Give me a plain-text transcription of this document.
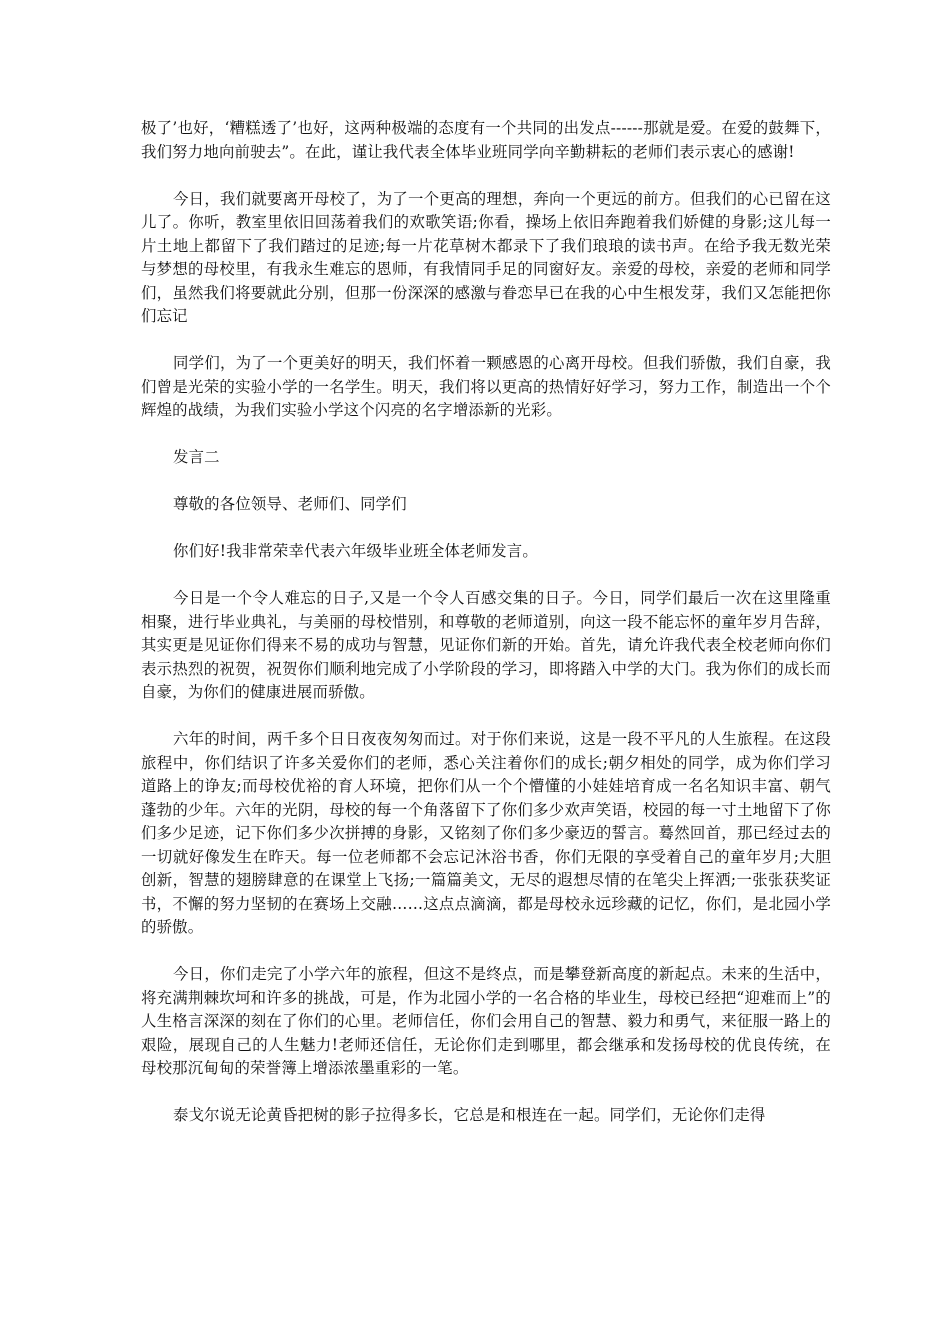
极了’也好，‘糟糕透了’也好，这两种极端的态度有一个共同的出发点------那就是爱。在爱的鼓舞下，我们努力地向前驶去”。在此，谨让我代表全体毕业班同学向辛勤耕耘的老师们表示衷心的感谢!

今日，我们就要离开母校了，为了一个更高的理想，奔向一个更远的前方。但我们的心已留在这儿了。你听，教室里依旧回荡着我们的欢歌笑语;你看，操场上依旧奔跑着我们娇健的身影;这儿每一片土地上都留下了我们踏过的足迹;每一片花草树木都录下了我们琅琅的读书声。在给予我无数光荣与梦想的母校里，有我永生难忘的恩师，有我情同手足的同窗好友。亲爱的母校，亲爱的老师和同学们，虽然我们将要就此分别，但那一份深深的感激与眷恋早已在我的心中生根发芽，我们又怎能把你们忘记

同学们，为了一个更美好的明天，我们怀着一颗感恩的心离开母校。但我们骄傲，我们自豪，我们曾是光荣的实验小学的一名学生。明天，我们将以更高的热情好好学习，努力工作，制造出一个个辉煌的战绩，为我们实验小学这个闪亮的名字增添新的光彩。

发言二

尊敬的各位领导、老师们、同学们

你们好!我非常荣幸代表六年级毕业班全体老师发言。

今日是一个令人难忘的日子,又是一个令人百感交集的日子。今日，同学们最后一次在这里隆重相聚，进行毕业典礼，与美丽的母校惜别，和尊敬的老师道别，向这一段不能忘怀的童年岁月告辞，其实更是见证你们得来不易的成功与智慧，见证你们新的开始。首先，请允许我代表全校老师向你们表示热烈的祝贺，祝贺你们顺利地完成了小学阶段的学习，即将踏入中学的大门。我为你们的成长而自豪，为你们的健康进展而骄傲。

六年的时间，两千多个日日夜夜匆匆而过。对于你们来说，这是一段不平凡的人生旅程。在这段旅程中，你们结识了许多关爱你们的老师，悉心关注着你们的成长;朝夕相处的同学，成为你们学习道路上的诤友;而母校优裕的育人环境，把你们从一个个懵懂的小娃娃培育成一名名知识丰富、朝气蓬勃的少年。六年的光阴，母校的每一个角落留下了你们多少欢声笑语，校园的每一寸土地留下了你们多少足迹，记下你们多少次拼搏的身影，又铭刻了你们多少豪迈的誓言。蓦然回首，那已经过去的一切就好像发生在昨天。每一位老师都不会忘记沐浴书香，你们无限的享受着自己的童年岁月;大胆创新，智慧的翅膀肆意的在课堂上飞扬;一篇篇美文，无尽的遐想尽情的在笔尖上挥洒;一张张获奖证书，不懈的努力坚韧的在赛场上交融……这点点滴滴，都是母校永远珍藏的记忆，你们，是北园小学的骄傲。

今日，你们走完了小学六年的旅程，但这不是终点，而是攀登新高度的新起点。未来的生活中，将充满荆棘坎坷和许多的挑战，可是，作为北园小学的一名合格的毕业生，母校已经把“迎难而上”的人生格言深深的刻在了你们的心里。老师信任，你们会用自己的智慧、毅力和勇气，来征服一路上的艰险，展现自己的人生魅力!老师还信任，无论你们走到哪里，都会继承和发扬母校的优良传统，在母校那沉甸甸的荣誉簿上增添浓墨重彩的一笔。

泰戈尔说无论黄昏把树的影子拉得多长，它总是和根连在一起。同学们，无论你们走得
